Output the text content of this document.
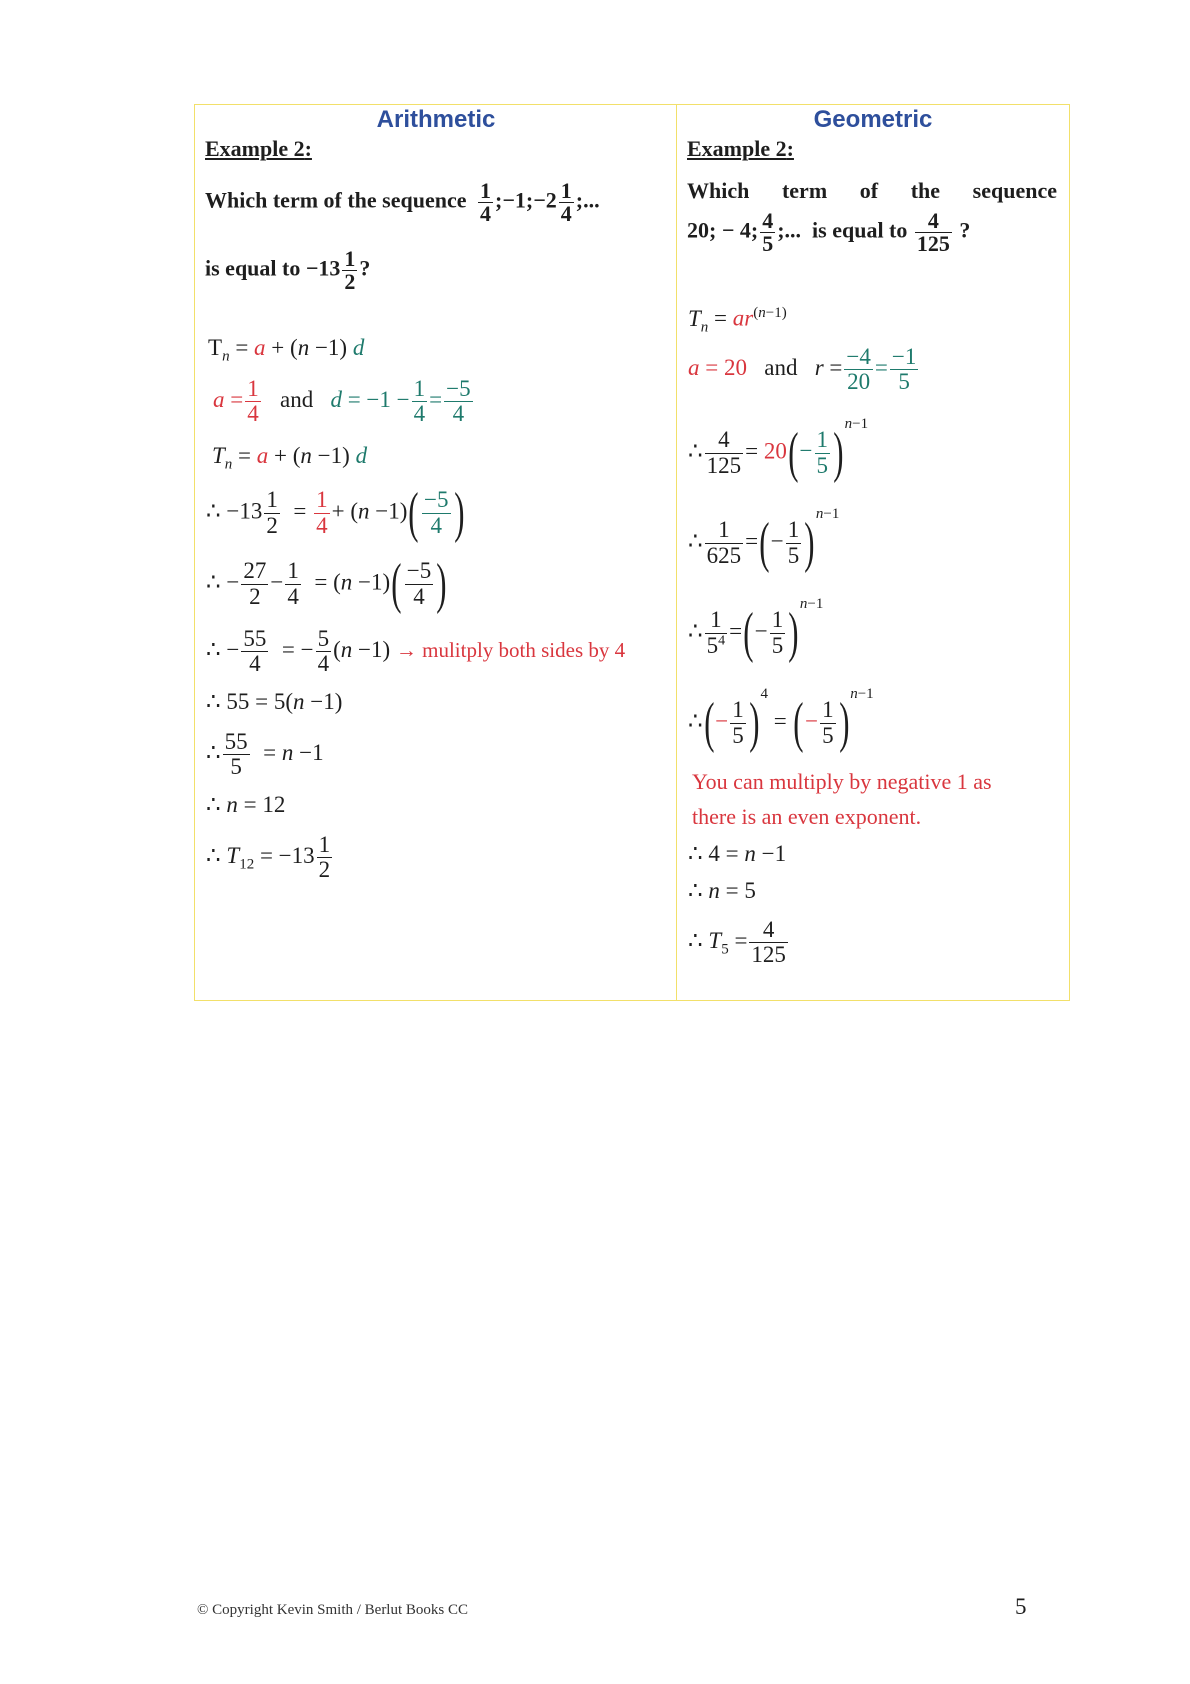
Arithmetic	Geometric
Example 2:
Which term of the sequence $\frac{1}{4}$ ;−1;−2 $\frac{1}{4}$ ;...
is equal to $-13 \frac{1}{2}$ ?
$T_n = a + (n -1)$ d
$a = \frac{1}{4}$ and $d = -1 - \frac{1}{4} = \frac{-5}{4}$
$T_n = a + (n -1)$ d
∴ $-13 \frac{1}{2} = \frac{1}{4} + (n -1)( \frac{-5}{4}$ )
∴ − $\frac{27}{2} - \frac{1}{4} = (n -1)( \frac{-5}{4}$ )
∴ − $\frac{55}{4}$ = − $\frac{5}{4} (n -1)$ → mulitply both sides by 4
∴ 55 = 5(n −1)
∴ $\frac{55}{5} = n -1$
∴ n = 12
∴ $T_{12} = -13 \frac{1}{2}$
Example 2:
Which term of the sequence
20; − 4; $\frac{4}{5}$ ;... is equal to $\frac{4}{125}$ ?
$T_n = ar^{(n-1)}$
a = 20 and $r = \frac{-4}{20} = \frac{-1}{5}$
∴ $\frac{4}{125} = 20(- \frac{1}{5} )^{n-1}$
∴ $\frac{1}{625}$ =(− $\frac{1}{5} )^{n-1}$
∴ $\frac{1}{5^4}$ =(− $\frac{1}{5} )^{n-1}$
∴(− $\frac{1}{5} )^4$ = (− $\frac{1}{5} )^{n-1}$
You can multiply by negative 1 as
there is an even exponent.
∴ 4 = n −1
∴ n = 5
∴ $T_5 = \frac{4}{125}$
© Copyright Kevin Smith / Berlut Books CC	5
